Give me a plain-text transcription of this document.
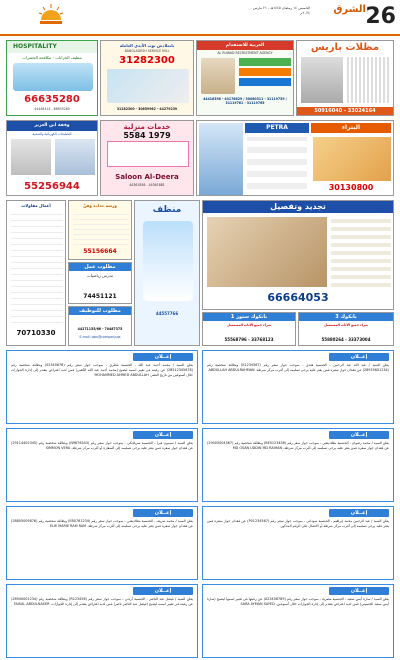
26
الشرق
الخميس ١٤ رمضان ١٤٤٥هـ - ٢١ مارس ٢٠٢٤م
HOSPITALITY
تنظيف الخزانات - مكافحة الحشرات
66635280
44448414 - 66635280
بانغلادش بوت الأيدي العاملة
BANGLADESH SERVICE MILL
31282300
31282300 - 30659962 - 44279239
العربية للاستقدام
AL RUWAD RECRUITMENT AGENCY
44416398 - 40176629 / 30080311 - 31119759 / 31119761 - 31119765
مظلات باريس
50916040 - 33024164
وقفة ابن العزيز
للتصليحات الكهربائية والصحية
55256944
خدمات منزلية
5584 1979
Saloon Al-Deera
44361858 - 44361881
PETRA	البتراء
30130800
أعمال مقاولات
70710330
ورشة حدادة وفنّ
55156664
مطلوب عمل
مدرس رياضيات
74451121
مطلوب للتوظيف
44271155/66 - 70487375
E-mail: jobs@company.qa
منظف
44557766
تجديد وتفصيل
66664053
بانكوك ستور 1
شراء جميع الأثاث المستعمل
55568796 - 33768123
بانكوك 3
شراء جميع الأثاث المستعمل
55880264 - 33373004
إعــلان
يعلن السيد / محمد أحمد عبد الله - الجنسية قطري - بموجب جواز سفر رقم (02345678) وبطاقة شخصية رقم (28512345678) عن رغبته في تغيير اسمه ليصبح (محمد أحمد عبد الله الكعبي) فمن لديه اعتراض يتقدم إلى إدارة الجوازات خلال أسبوعين من تاريخ النشر. MOHAMMED AHMED ABDULLAH
إعــلان
يعلن السيد / عبد الله عبد الرحمن - الجنسية هندي - بموجب جواز سفر رقم (K1234567) وبطاقة شخصية رقم (28935601234) عن فقدان جواز سفره فمن يعثر عليه يرجى تسليمه إلى أقرب مركز شرطة. ABDULLAH ABDULRAHMAN
إعــلان
يعلن السيد / سيمون فيرا - الجنسية سريلانكي - بموجب جواز سفر رقم (N9876543) وبطاقة شخصية رقم (29114402345) عن فقدان جواز سفره فمن يعثر عليه يرجى تسليمه إلى السفارة أو أقرب مركز شرطة. SIMMON VERA
إعــلان
يعلن السيد / محمد رضوان - الجنسية بنغلاديشي - بموجب جواز سفر رقم (BE0123456) وبطاقة شخصية رقم (29005004567) عن فقدان جواز سفره فمن يعثر عليه يرجى تسليمه إلى أقرب مركز شرطة. MD OSAN UDDIN MD RAIHAN
إعــلان
يعلن السيد / محمد شريف - الجنسية بنغلاديشي - بموجب جواز سفر رقم (EB0761234) وبطاقة شخصية رقم (28805009876) عن فقدان جواز سفره فمن يعثر عليه يرجى تسليمه إلى أقرب مركز شرطة. ELIE MARIE RAM RAM
إعــلان
يعلن السيد / عبد الرحمن محمد إبراهيم - الجنسية سوداني - بموجب جواز سفر رقم (P01234567) عن فقدان جواز سفره فمن يعثر عليه يرجى تسليمه إلى أقرب مركز شرطة أو الاتصال على الرقم المذكور.
إعــلان
يعلن السيد / فيصل عبد الناصر - الجنسية أردني - بموجب جواز سفر رقم (R123456) وبطاقة شخصية رقم (28940001234) عن رغبته في تغيير اسمه ليصبح (فيصل عبد الناصر ناصر) فمن لديه اعتراض يتقدم إلى إدارة الجوازات. FAISAL ABDULNASER
إعــلان
يعلن السيد / سارة أيمن سعيد - الجنسية مصرية - بموجب جواز سفر رقم (A23456789) عن رغبتها في تغيير اسمها ليصبح (سارة أيمن سعيد الحسيني) فمن لديه اعتراض يتقدم إلى إدارة الجوازات خلال أسبوعين. SARA AYMAN SAYED
